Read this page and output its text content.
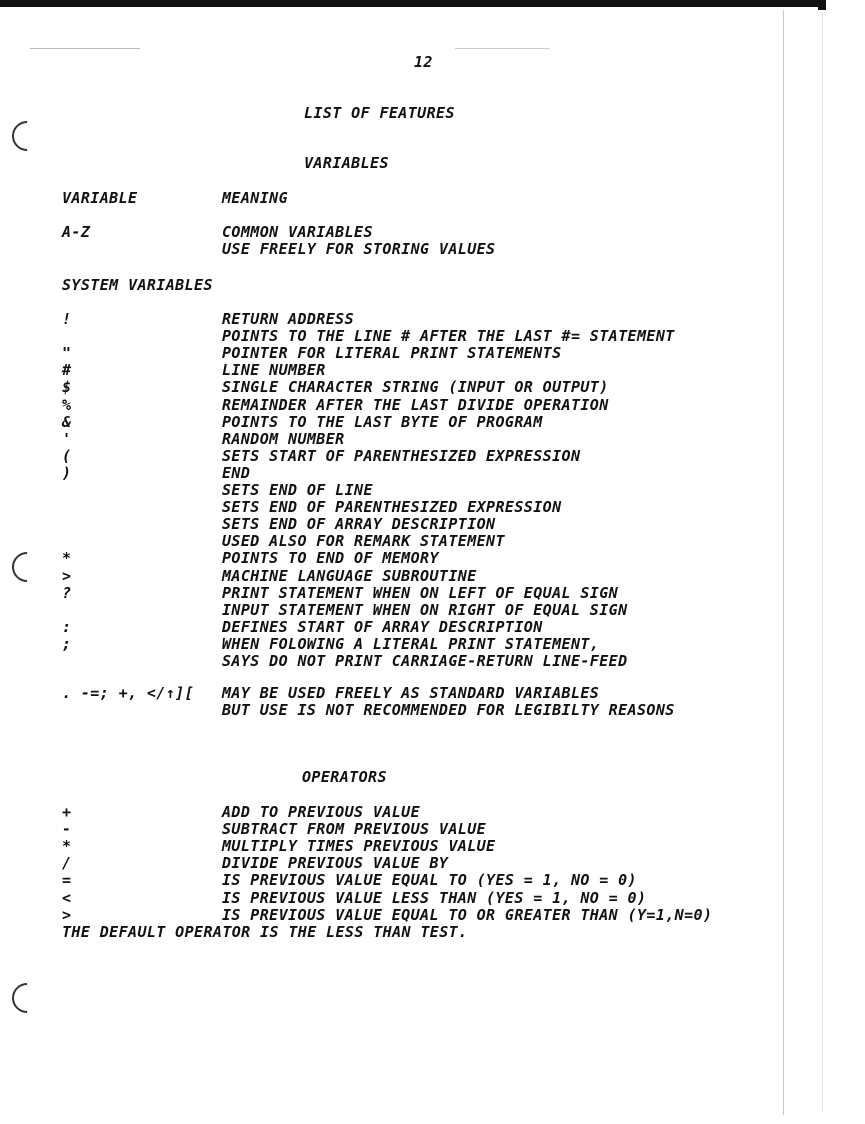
12
LIST OF FEATURES
VARIABLES
VARIABLE	MEANING
A-Z	COMMON VARIABLES
USE FREELY FOR STORING VALUES
SYSTEM VARIABLES
!	RETURN ADDRESS
POINTS TO THE LINE # AFTER THE LAST #= STATEMENT
"	POINTER FOR LITERAL PRINT STATEMENTS
#	LINE NUMBER
$	SINGLE CHARACTER STRING (INPUT OR OUTPUT)
%	REMAINDER AFTER THE LAST DIVIDE OPERATION
&	POINTS TO THE LAST BYTE OF PROGRAM
'	RANDOM NUMBER
(	SETS START OF PARENTHESIZED EXPRESSION
)	END
SETS END OF LINE
SETS END OF PARENTHESIZED EXPRESSION
SETS END OF ARRAY DESCRIPTION
USED ALSO FOR REMARK STATEMENT
*	POINTS TO END OF MEMORY
>	MACHINE LANGUAGE SUBROUTINE
?	PRINT STATEMENT WHEN ON LEFT OF EQUAL SIGN
INPUT STATEMENT WHEN ON RIGHT OF EQUAL SIGN
:	DEFINES START OF ARRAY DESCRIPTION
;	WHEN FOLOWING A LITERAL PRINT STATEMENT,
SAYS DO NOT PRINT CARRIAGE-RETURN LINE-FEED
. -=; +, </↑][ MAY BE USED FREELY AS STANDARD VARIABLES
BUT USE IS NOT RECOMMENDED FOR LEGIBILTY REASONS
OPERATORS
+	ADD TO PREVIOUS VALUE
-	SUBTRACT FROM PREVIOUS VALUE
*	MULTIPLY TIMES PREVIOUS VALUE
/	DIVIDE PREVIOUS VALUE BY
=	IS PREVIOUS VALUE EQUAL TO (YES = 1, NO = 0)
<	IS PREVIOUS VALUE LESS THAN (YES = 1, NO = 0)
>	IS PREVIOUS VALUE EQUAL TO OR GREATER THAN (Y=1,N=0)
THE DEFAULT OPERATOR IS THE LESS THAN TEST.
